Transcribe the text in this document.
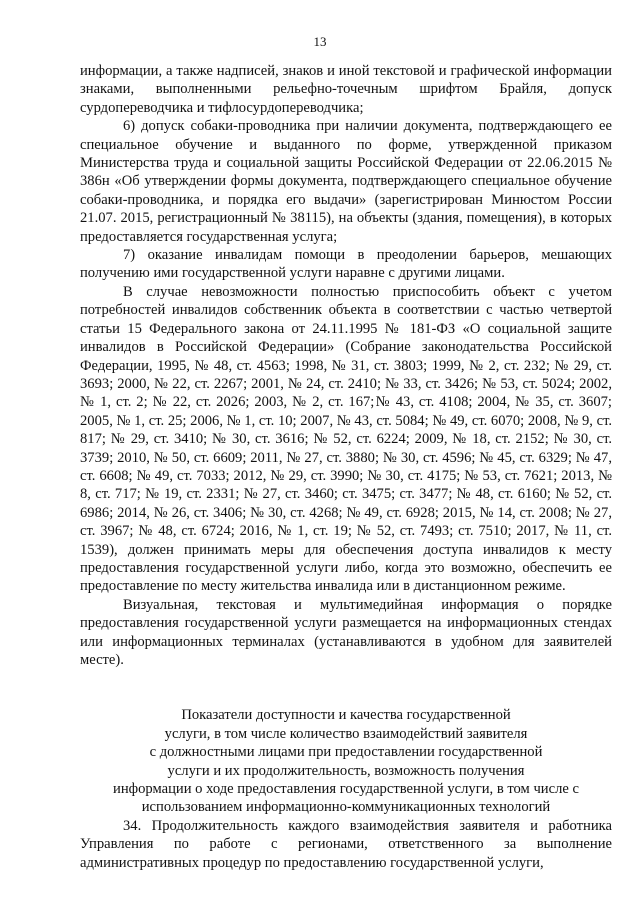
13

информации, а также надписей, знаков и иной текстовой и графической информации знаками, выполненными рельефно-точечным шрифтом Брайля, допуск сурдопереводчика и тифлосурдопереводчика;

6) допуск собаки-проводника при наличии документа, подтверждающего ее специальное обучение и выданного по форме, утвержденной приказом Министерства труда и социальной защиты Российской Федерации от 22.06.2015 № 386н «Об утверждении формы документа, подтверждающего специальное обучение собаки-проводника, и порядка его выдачи» (зарегистрирован Минюстом России 21.07. 2015, регистрационный № 38115), на объекты (здания, помещения), в которых предоставляется государственная услуга;

7) оказание инвалидам помощи в преодолении барьеров, мешающих получению ими государственной услуги наравне с другими лицами.

В случае невозможности полностью приспособить объект с учетом потребностей инвалидов собственник объекта в соответствии с частью четвертой статьи 15 Федерального закона от 24.11.1995 № 181-ФЗ «О социальной защите инвалидов в Российской Федерации» (Собрание законодательства Российской Федерации, 1995, № 48, ст. 4563; 1998, № 31, ст. 3803; 1999, № 2, ст. 232; № 29, ст. 3693; 2000, № 22, ст. 2267; 2001, № 24, ст. 2410; № 33, ст. 3426; № 53, ст. 5024; 2002, № 1, ст. 2; № 22, ст. 2026; 2003, № 2, ст. 167;№ 43, ст. 4108; 2004, № 35, ст. 3607; 2005, № 1, ст. 25; 2006, № 1, ст. 10; 2007, № 43, ст. 5084; № 49, ст. 6070; 2008, № 9, ст. 817; № 29, ст. 3410; № 30, ст. 3616; № 52, ст. 6224; 2009, № 18, ст. 2152; № 30, ст. 3739; 2010, № 50, ст. 6609; 2011, № 27, ст. 3880; № 30, ст. 4596; № 45, ст. 6329; № 47, ст. 6608; № 49, ст. 7033; 2012, № 29, ст. 3990; № 30, ст. 4175; № 53, ст. 7621; 2013, № 8, ст. 717; № 19, ст. 2331; № 27, ст. 3460; ст. 3475; ст. 3477; № 48, ст. 6160; № 52, ст. 6986; 2014, № 26, ст. 3406; № 30, ст. 4268; № 49, ст. 6928; 2015, № 14, ст. 2008; № 27, ст. 3967; № 48, ст. 6724; 2016, № 1, ст. 19; № 52, ст. 7493; ст. 7510; 2017, № 11, ст. 1539), должен принимать меры для обеспечения доступа инвалидов к месту предоставления государственной услуги либо, когда это возможно, обеспечить ее предоставление по месту жительства инвалида или в дистанционном режиме.

Визуальная, текстовая и мультимедийная информация о порядке предоставления государственной услуги размещается на информационных стендах или информационных терминалах (устанавливаются в удобном для заявителей месте).

Показатели доступности и качества государственной
услуги, в том числе количество взаимодействий заявителя
с должностными лицами при предоставлении государственной
услуги и их продолжительность, возможность получения
информации о ходе предоставления государственной услуги, в том числе с
использованием информационно-коммуникационных технологий

34. Продолжительность каждого взаимодействия заявителя и работника Управления по работе с регионами, ответственного за выполнение административных процедур по предоставлению государственной услуги,
